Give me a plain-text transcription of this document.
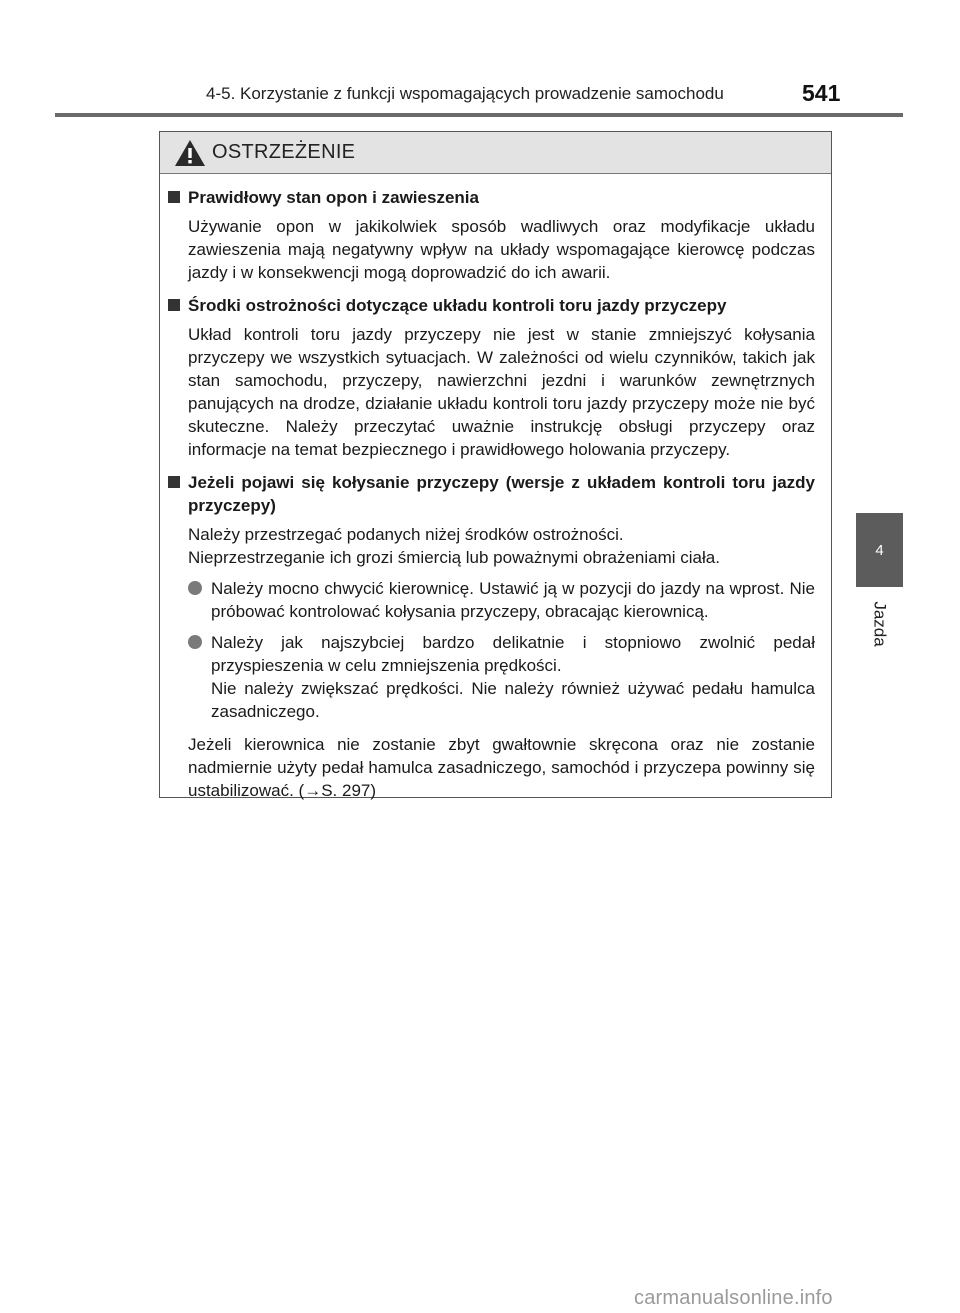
4-5. Korzystanie z funkcji wspomagających prowadzenie samochodu	541
4
Jazda
OSTRZEŻENIE
Prawidłowy stan opon i zawieszenia
Używanie opon w jakikolwiek sposób wadliwych oraz modyfikacje układu zawieszenia mają negatywny wpływ na układy wspomagające kierowcę podczas jazdy i w konsekwencji mogą doprowadzić do ich awarii.
Środki ostrożności dotyczące układu kontroli toru jazdy przyczepy
Układ kontroli toru jazdy przyczepy nie jest w stanie zmniejszyć kołysania przyczepy we wszystkich sytuacjach. W zależności od wielu czynników, takich jak stan samochodu, przyczepy, nawierzchni jezdni i warunków zewnętrznych panujących na drodze, działanie układu kontroli toru jazdy przyczepy może nie być skuteczne. Należy przeczytać uważnie instrukcję obsługi przyczepy oraz informacje na temat bezpiecznego i prawidłowego holowania przyczepy.
Jeżeli pojawi się kołysanie przyczepy (wersje z układem kontroli toru jazdy przyczepy)
Należy przestrzegać podanych niżej środków ostrożności.
Nieprzestrzeganie ich grozi śmiercią lub poważnymi obrażeniami ciała.
Należy mocno chwycić kierownicę. Ustawić ją w pozycji do jazdy na wprost. Nie próbować kontrolować kołysania przyczepy, obracając kierownicą.
Należy jak najszybciej bardzo delikatnie i stopniowo zwolnić pedał przyspieszenia w celu zmniejszenia prędkości.
Nie należy zwiększać prędkości. Nie należy również używać pedału hamulca zasadniczego.
Jeżeli kierownica nie zostanie zbyt gwałtownie skręcona oraz nie zostanie nadmiernie użyty pedał hamulca zasadniczego, samochód i przyczepa powinny się ustabilizować. (→S. 297)
carmanualsonline.info
